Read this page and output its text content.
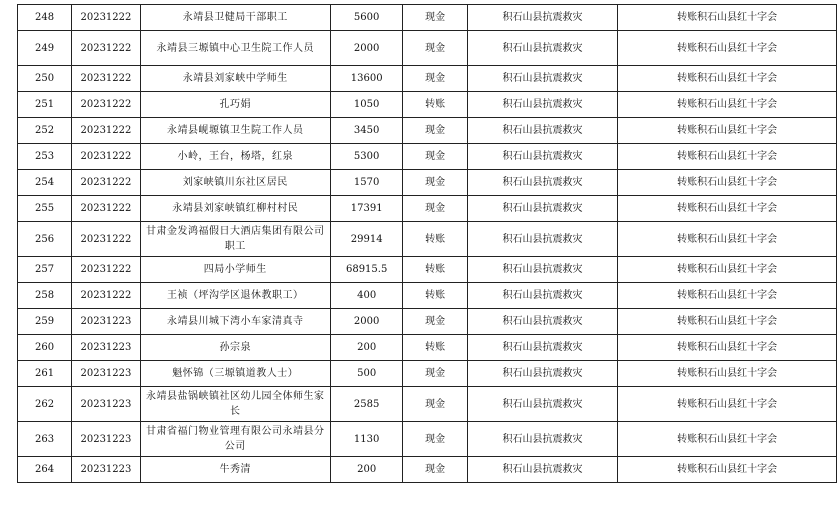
248	20231222	永靖县卫健局干部职工	5600	现金	积石山县抗震救灾	转账积石山县红十字会
249	20231222	永靖县三塬镇中心卫生院工作人员	2000	现金	积石山县抗震救灾	转账积石山县红十字会
250	20231222	永靖县刘家峡中学师生	13600	现金	积石山县抗震救灾	转账积石山县红十字会
251	20231222	孔巧娟	1050	转账	积石山县抗震救灾	转账积石山县红十字会
252	20231222	永靖县岘塬镇卫生院工作人员	3450	现金	积石山县抗震救灾	转账积石山县红十字会
253	20231222	小岭，王台，杨塔，红泉	5300	现金	积石山县抗震救灾	转账积石山县红十字会
254	20231222	刘家峡镇川东社区居民	1570	现金	积石山县抗震救灾	转账积石山县红十字会
255	20231222	永靖县刘家峡镇红柳村村民	17391	现金	积石山县抗震救灾	转账积石山县红十字会
256	20231222	甘肃金发鸿福假日大酒店集团有限公司职工	29914	转账	积石山县抗震救灾	转账积石山县红十字会
257	20231222	四局小学师生	68915.5	转账	积石山县抗震救灾	转账积石山县红十字会
258	20231222	王祯（坪沟学区退休教职工）	400	转账	积石山县抗震救灾	转账积石山县红十字会
259	20231223	永靖县川城下湾小车家清真寺	2000	现金	积石山县抗震救灾	转账积石山县红十字会
260	20231223	孙宗泉	200	转账	积石山县抗震救灾	转账积石山县红十字会
261	20231223	魁怀锦（三塬镇道教人士）	500	现金	积石山县抗震救灾	转账积石山县红十字会
262	20231223	永靖县盐锅峡镇社区幼儿园全体师生家长	2585	现金	积石山县抗震救灾	转账积石山县红十字会
263	20231223	甘肃省福门物业管理有限公司永靖县分公司	1130	现金	积石山县抗震救灾	转账积石山县红十字会
264	20231223	牛秀清	200	现金	积石山县抗震救灾	转账积石山县红十字会
